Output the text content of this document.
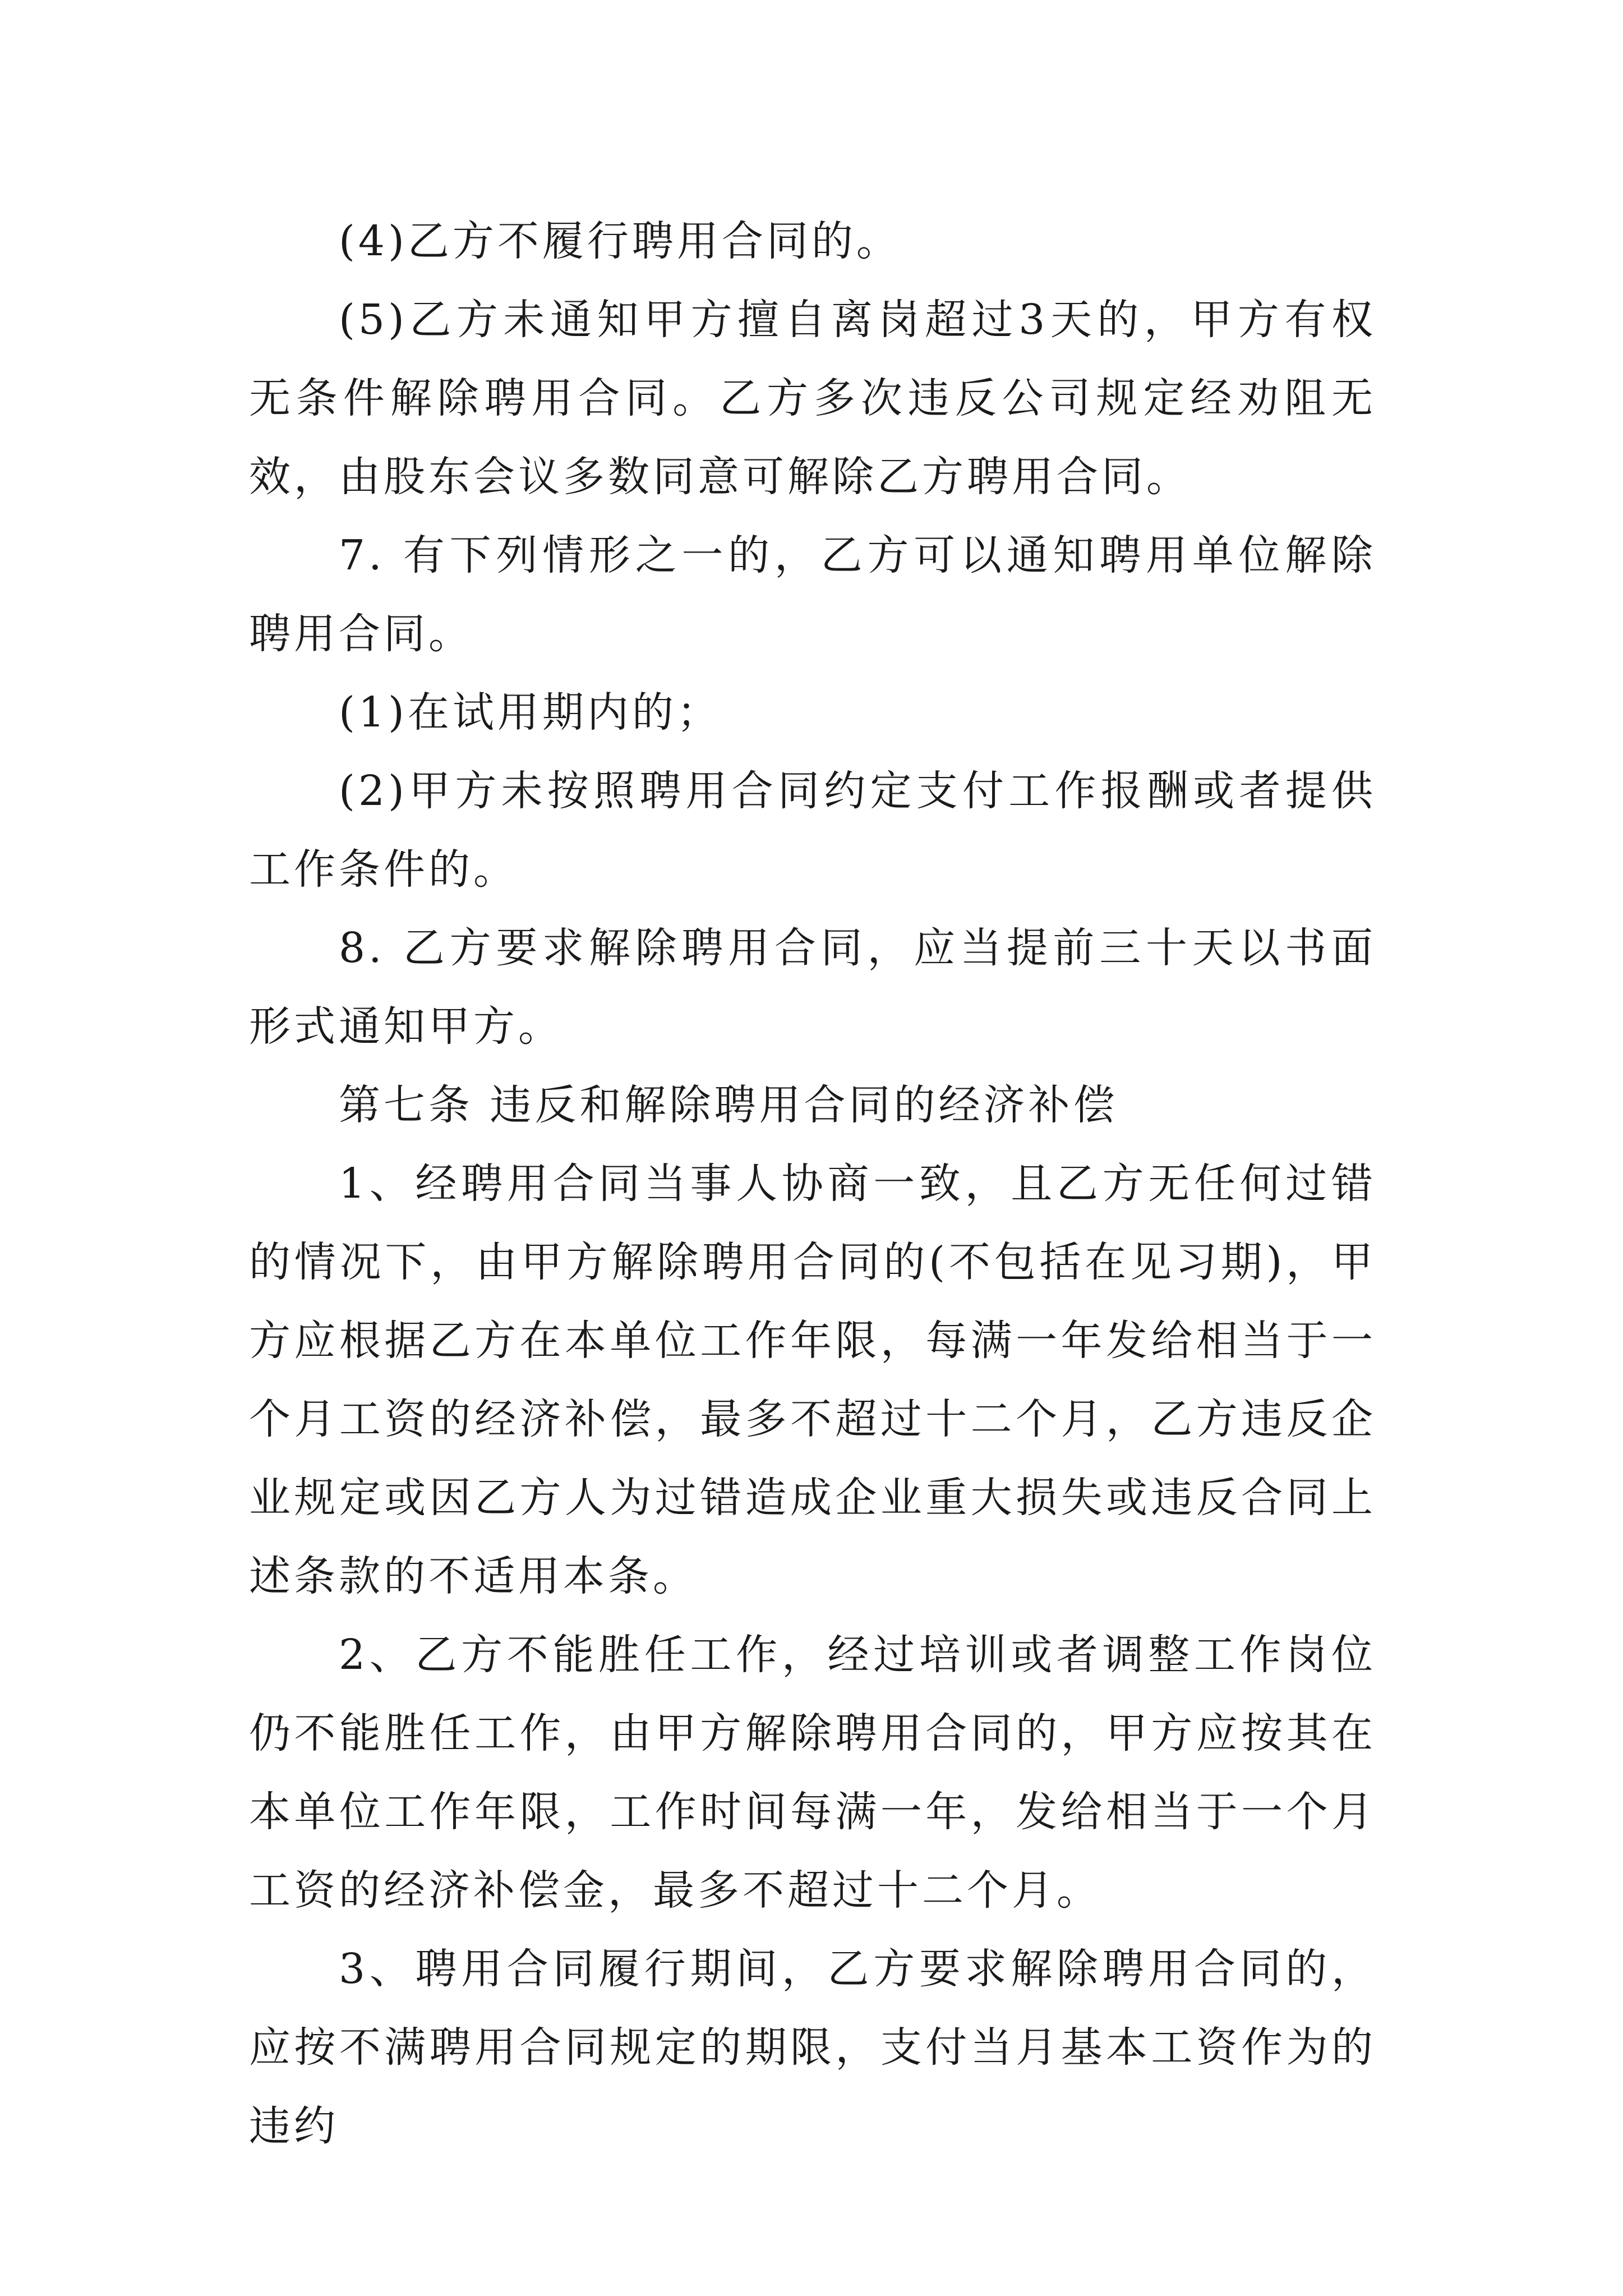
(4)乙方不履行聘用合同的。

(5)乙方未通知甲方擅自离岗超过3天的，甲方有权无条件解除聘用合同。乙方多次违反公司规定经劝阻无效，由股东会议多数同意可解除乙方聘用合同。

7. 有下列情形之一的，乙方可以通知聘用单位解除聘用合同。

(1)在试用期内的；

(2)甲方未按照聘用合同约定支付工作报酬或者提供工作条件的。

8. 乙方要求解除聘用合同，应当提前三十天以书面形式通知甲方。

第七条 违反和解除聘用合同的经济补偿

1、经聘用合同当事人协商一致，且乙方无任何过错的情况下，由甲方解除聘用合同的(不包括在见习期)，甲方应根据乙方在本单位工作年限，每满一年发给相当于一个月工资的经济补偿，最多不超过十二个月，乙方违反企业规定或因乙方人为过错造成企业重大损失或违反合同上述条款的不适用本条。

2、乙方不能胜任工作，经过培训或者调整工作岗位仍不能胜任工作，由甲方解除聘用合同的，甲方应按其在本单位工作年限，工作时间每满一年，发给相当于一个月工资的经济补偿金，最多不超过十二个月。

3、聘用合同履行期间，乙方要求解除聘用合同的，应按不满聘用合同规定的期限，支付当月基本工资作为的违约
